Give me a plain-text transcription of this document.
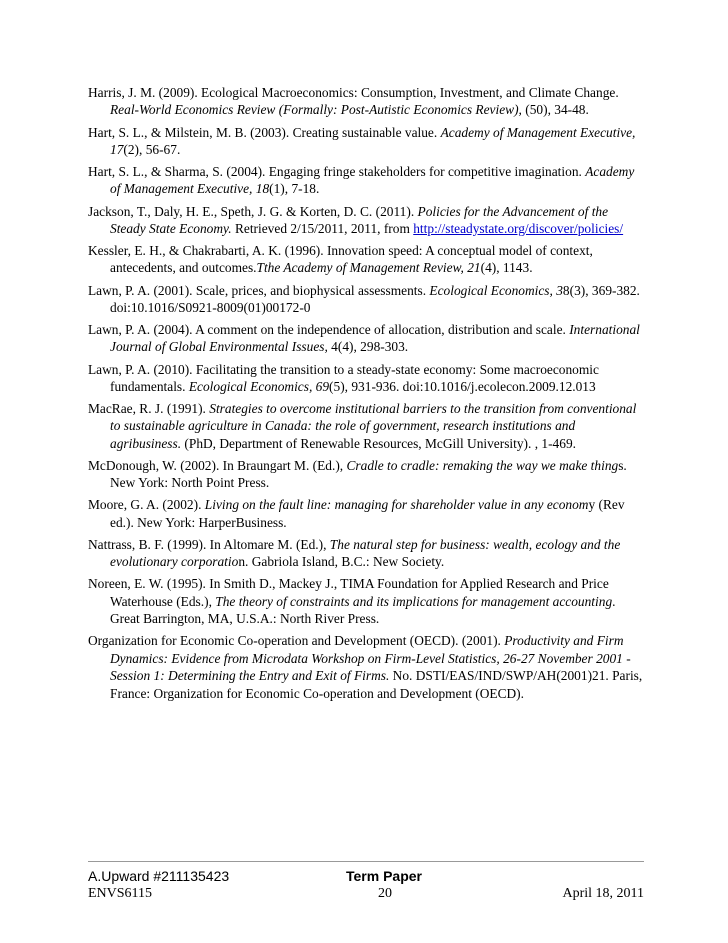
Harris, J. M. (2009). Ecological Macroeconomics: Consumption, Investment, and Climate Change. Real-World Economics Review (Formally: Post-Autistic Economics Review), (50), 34-48.

Hart, S. L., & Milstein, M. B. (2003). Creating sustainable value. Academy of Management Executive, 17(2), 56-67.

Hart, S. L., & Sharma, S. (2004). Engaging fringe stakeholders for competitive imagination. Academy of Management Executive, 18(1), 7-18.

Jackson, T., Daly, H. E., Speth, J. G. & Korten, D. C. (2011). Policies for the Advancement of the Steady State Economy. Retrieved 2/15/2011, 2011, from http://steadystate.org/discover/policies/

Kessler, E. H., & Chakrabarti, A. K. (1996). Innovation speed: A conceptual model of context, antecedents, and outcomes.Tthe Academy of Management Review, 21(4), 1143.

Lawn, P. A. (2001). Scale, prices, and biophysical assessments. Ecological Economics, 38(3), 369-382. doi:10.1016/S0921-8009(01)00172-0

Lawn, P. A. (2004). A comment on the independence of allocation, distribution and scale. International Journal of Global Environmental Issues, 4(4), 298-303.

Lawn, P. A. (2010). Facilitating the transition to a steady-state economy: Some macroeconomic fundamentals. Ecological Economics, 69(5), 931-936. doi:10.1016/j.ecolecon.2009.12.013

MacRae, R. J. (1991). Strategies to overcome institutional barriers to the transition from conventional to sustainable agriculture in Canada: the role of government, research institutions and agribusiness. (PhD, Department of Renewable Resources, McGill University). , 1-469.

McDonough, W. (2002). In Braungart M. (Ed.), Cradle to cradle: remaking the way we make things. New York: North Point Press.

Moore, G. A. (2002). Living on the fault line: managing for shareholder value in any economy (Rev ed.). New York: HarperBusiness.

Nattrass, B. F. (1999). In Altomare M. (Ed.), The natural step for business: wealth, ecology and the evolutionary corporation. Gabriola Island, B.C.: New Society.

Noreen, E. W. (1995). In Smith D., Mackey J., TIMA Foundation for Applied Research and Price Waterhouse (Eds.), The theory of constraints and its implications for management accounting. Great Barrington, MA, U.S.A.: North River Press.

Organization for Economic Co-operation and Development (OECD). (2001). Productivity and Firm Dynamics: Evidence from Microdata Workshop on Firm-Level Statistics, 26-27 November 2001 - Session 1: Determining the Entry and Exit of Firms. No. DSTI/EAS/IND/SWP/AH(2001)21. Paris, France: Organization for Economic Co-operation and Development (OECD).

A.Upward #211135423	Term Paper
ENVS6115	20	April 18, 2011
